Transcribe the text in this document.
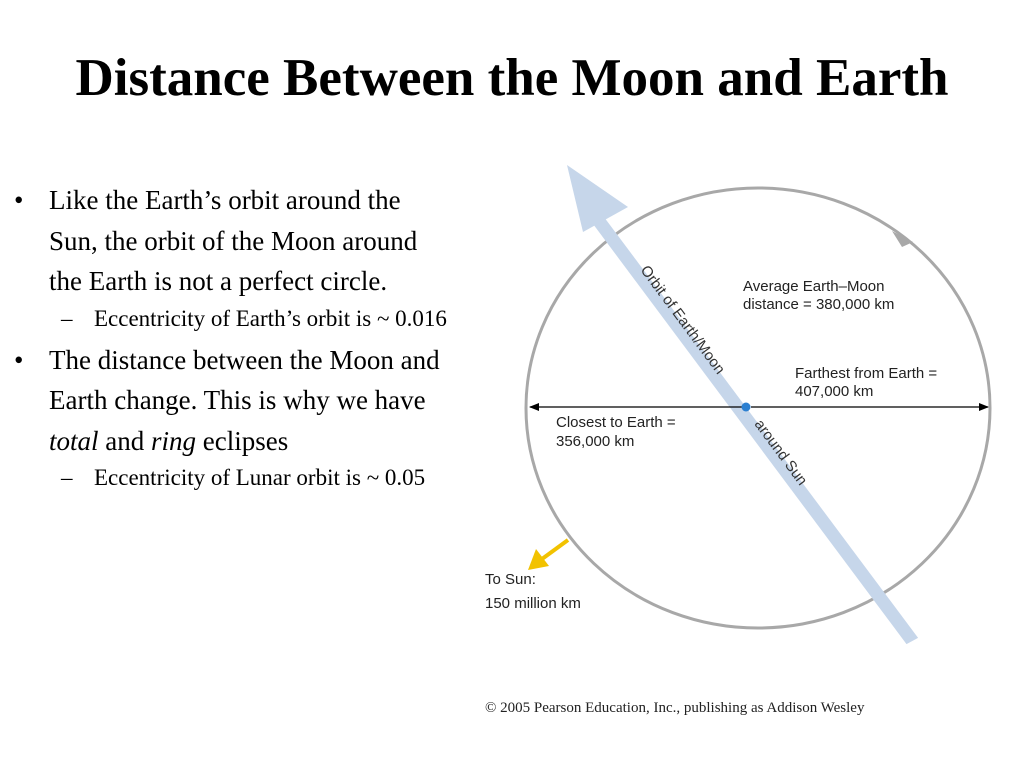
Distance Between the Moon and Earth
• Like the Earth’s orbit around the Sun, the orbit of the Moon around the Earth is not a perfect circle.
– Eccentricity of Earth’s orbit is ~ 0.016
• The distance between the Moon and Earth change. This is why we have total and ring eclipses
– Eccentricity of Lunar orbit is ~ 0.05
Orbit of Earth/Moon
around Sun
Average Earth–Moon distance = 380,000 km
Farthest from Earth = 407,000 km
Closest to Earth = 356,000 km
To Sun: 150 million km
© 2005 Pearson Education, Inc., publishing as Addison Wesley
